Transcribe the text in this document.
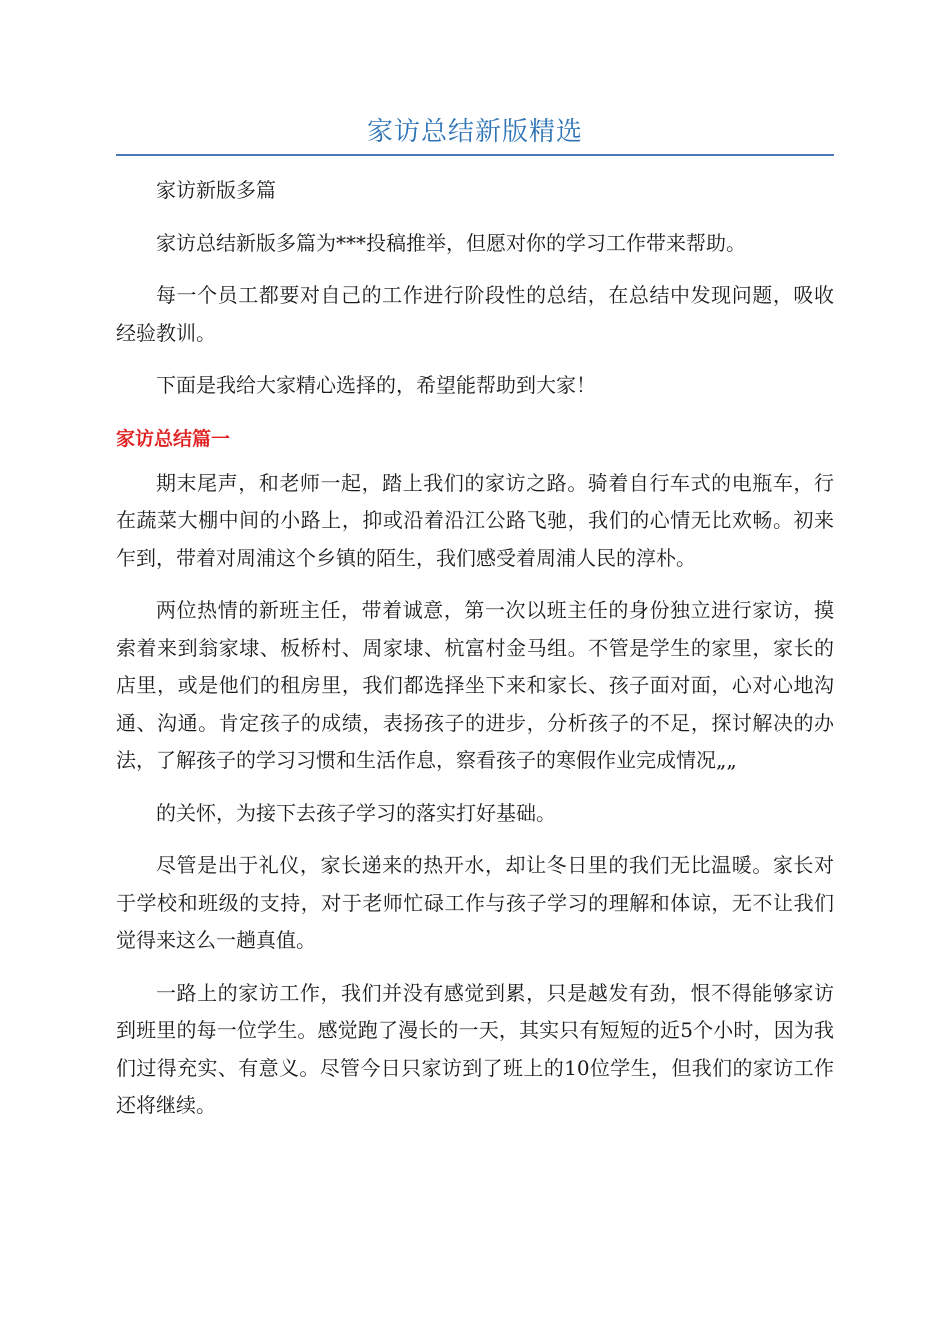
家访总结新版精选

家访新版多篇

家访总结新版多篇为***投稿推举，但愿对你的学习工作带来帮助。

每一个员工都要对自己的工作进行阶段性的总结，在总结中发现问题，吸收经验教训。

下面是我给大家精心选择的，希望能帮助到大家！

家访总结篇一

期末尾声，和老师一起，踏上我们的家访之路。骑着自行车式的电瓶车，行在蔬菜大棚中间的小路上，抑或沿着沿江公路飞驰，我们的心情无比欢畅。初来乍到，带着对周浦这个乡镇的陌生，我们感受着周浦人民的淳朴。

两位热情的新班主任，带着诚意，第一次以班主任的身份独立进行家访，摸索着来到翁家埭、板桥村、周家埭、杭富村金马组。不管是学生的家里，家长的店里，或是他们的租房里，我们都选择坐下来和家长、孩子面对面，心对心地沟通、沟通。肯定孩子的成绩，表扬孩子的进步，分析孩子的不足，探讨解决的办法，了解孩子的学习习惯和生活作息，察看孩子的寒假作业完成情况„„

的关怀，为接下去孩子学习的落实打好基础。

尽管是出于礼仪，家长递来的热开水，却让冬日里的我们无比温暖。家长对于学校和班级的支持，对于老师忙碌工作与孩子学习的理解和体谅，无不让我们觉得来这么一趟真值。

一路上的家访工作，我们并没有感觉到累，只是越发有劲，恨不得能够家访到班里的每一位学生。感觉跑了漫长的一天，其实只有短短的近5个小时，因为我们过得充实、有意义。尽管今日只家访到了班上的10位学生，但我们的家访工作还将继续。
